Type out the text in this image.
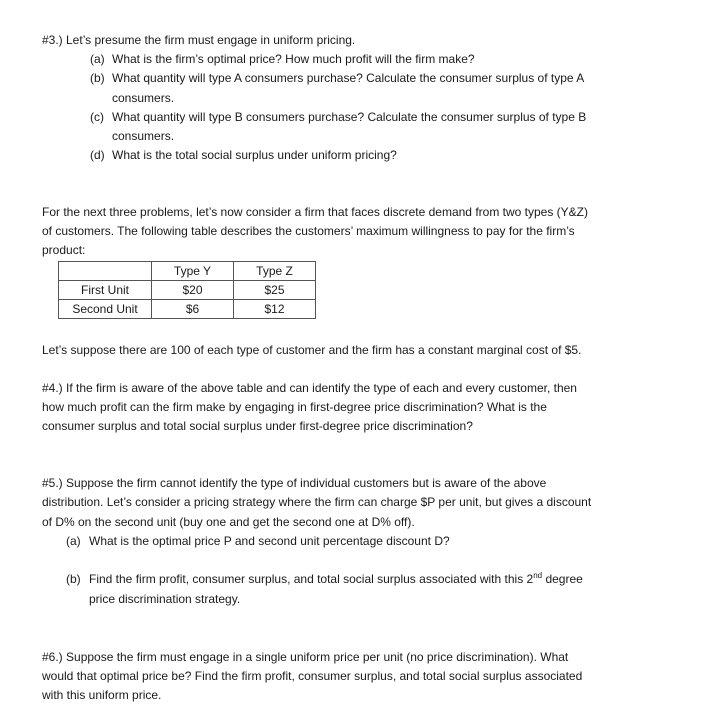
#3.) Let’s presume the firm must engage in uniform pricing.
(a) What is the firm’s optimal price? How much profit will the firm make?
(b) What quantity will type A consumers purchase? Calculate the consumer surplus of type A
consumers.
(c) What quantity will type B consumers purchase? Calculate the consumer surplus of type B
consumers.
(d) What is the total social surplus under uniform pricing?
For the next three problems, let’s now consider a firm that faces discrete demand from two types (Y&Z)
of customers. The following table describes the customers’ maximum willingness to pay for the firm’s
product:
	Type Y	Type Z
First Unit	$20	$25
Second Unit	$6	$12
Let’s suppose there are 100 of each type of customer and the firm has a constant marginal cost of $5.
#4.) If the firm is aware of the above table and can identify the type of each and every customer, then
how much profit can the firm make by engaging in first-degree price discrimination? What is the
consumer surplus and total social surplus under first-degree price discrimination?
#5.) Suppose the firm cannot identify the type of individual customers but is aware of the above
distribution. Let’s consider a pricing strategy where the firm can charge $P per unit, but gives a discount
of D% on the second unit (buy one and get the second one at D% off).
(a) What is the optimal price P and second unit percentage discount D?
(b) Find the firm profit, consumer surplus, and total social surplus associated with this 2nd degree
price discrimination strategy.
#6.) Suppose the firm must engage in a single uniform price per unit (no price discrimination). What
would that optimal price be? Find the firm profit, consumer surplus, and total social surplus associated
with this uniform price.
